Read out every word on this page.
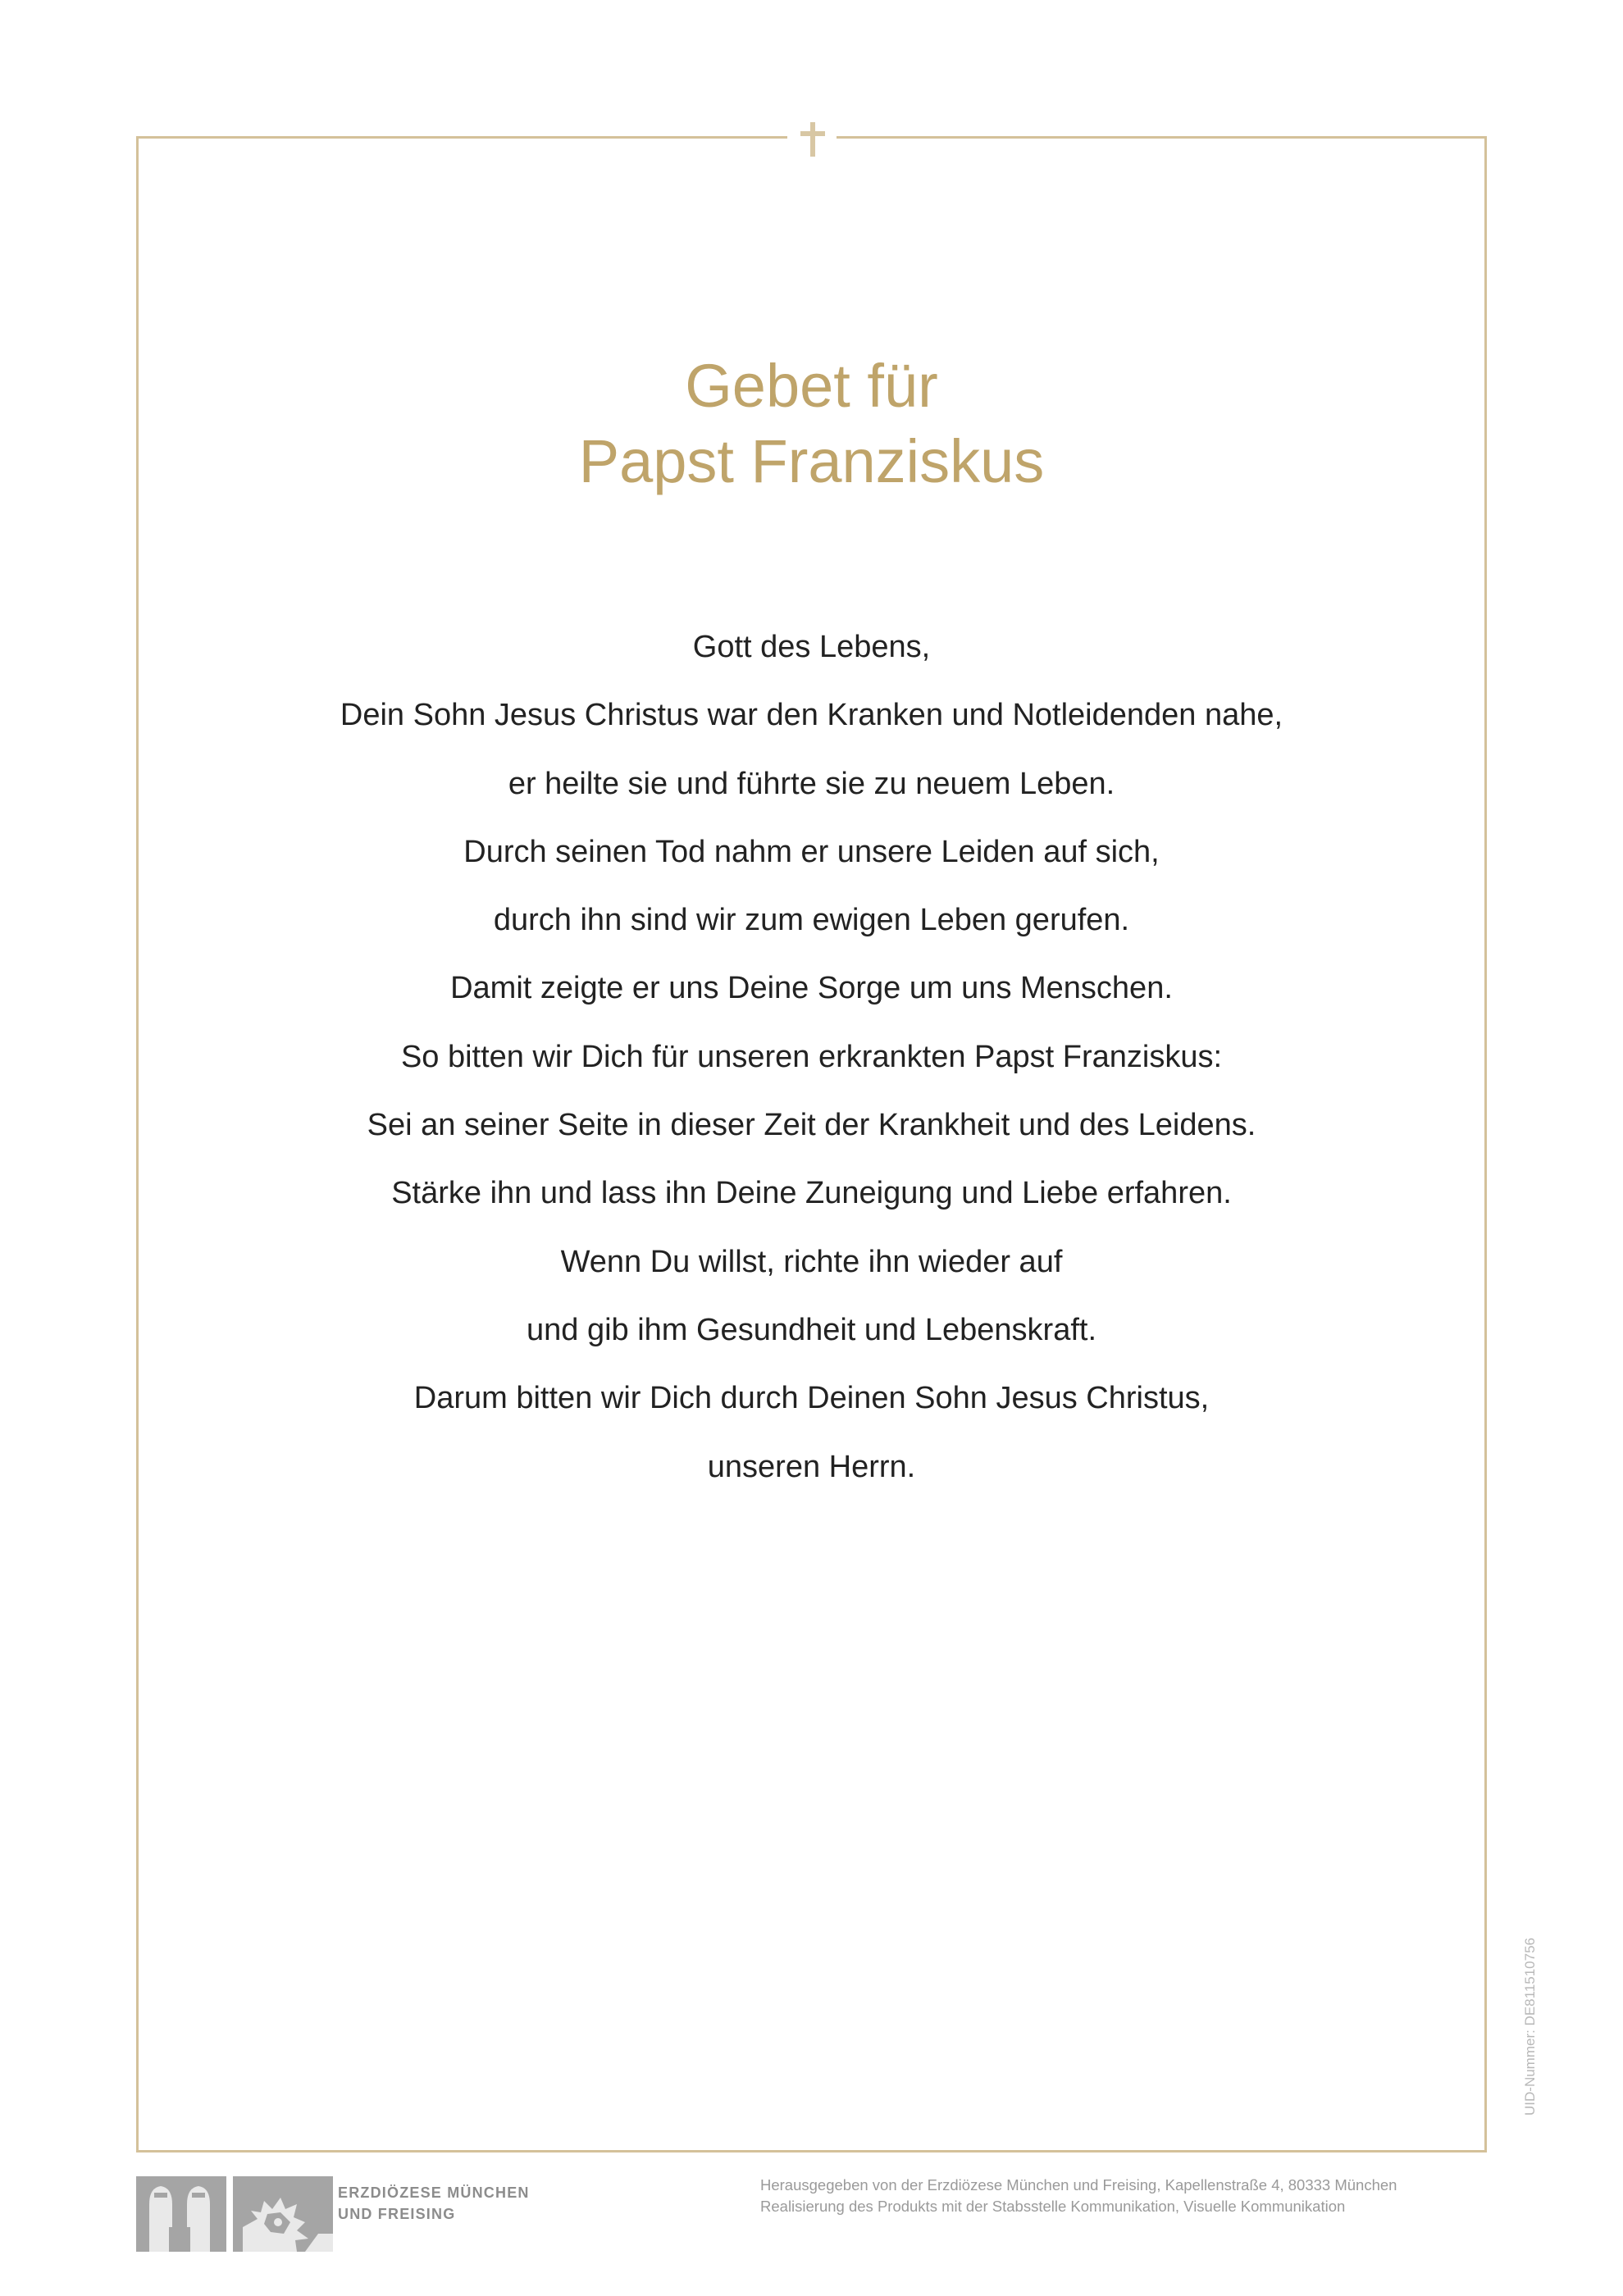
Gebet für
Papst Franziskus
Gott des Lebens,
Dein Sohn Jesus Christus war den Kranken und Notleidenden nahe,
er heilte sie und führte sie zu neuem Leben.
Durch seinen Tod nahm er unsere Leiden auf sich,
durch ihn sind wir zum ewigen Leben gerufen.
Damit zeigte er uns Deine Sorge um uns Menschen.
So bitten wir Dich für unseren erkrankten Papst Franziskus:
Sei an seiner Seite in dieser Zeit der Krankheit und des Leidens.
Stärke ihn und lass ihn Deine Zuneigung und Liebe erfahren.
Wenn Du willst, richte ihn wieder auf
und gib ihm Gesundheit und Lebenskraft.
Darum bitten wir Dich durch Deinen Sohn Jesus Christus,
unseren Herrn.
UID-Nummer: DE811510756
ERZDIÖZESE MÜNCHEN
UND FREISING
Herausgegeben von der Erzdiözese München und Freising, Kapellenstraße 4, 80333 München
Realisierung des Produkts mit der Stabsstelle Kommunikation, Visuelle Kommunikation
